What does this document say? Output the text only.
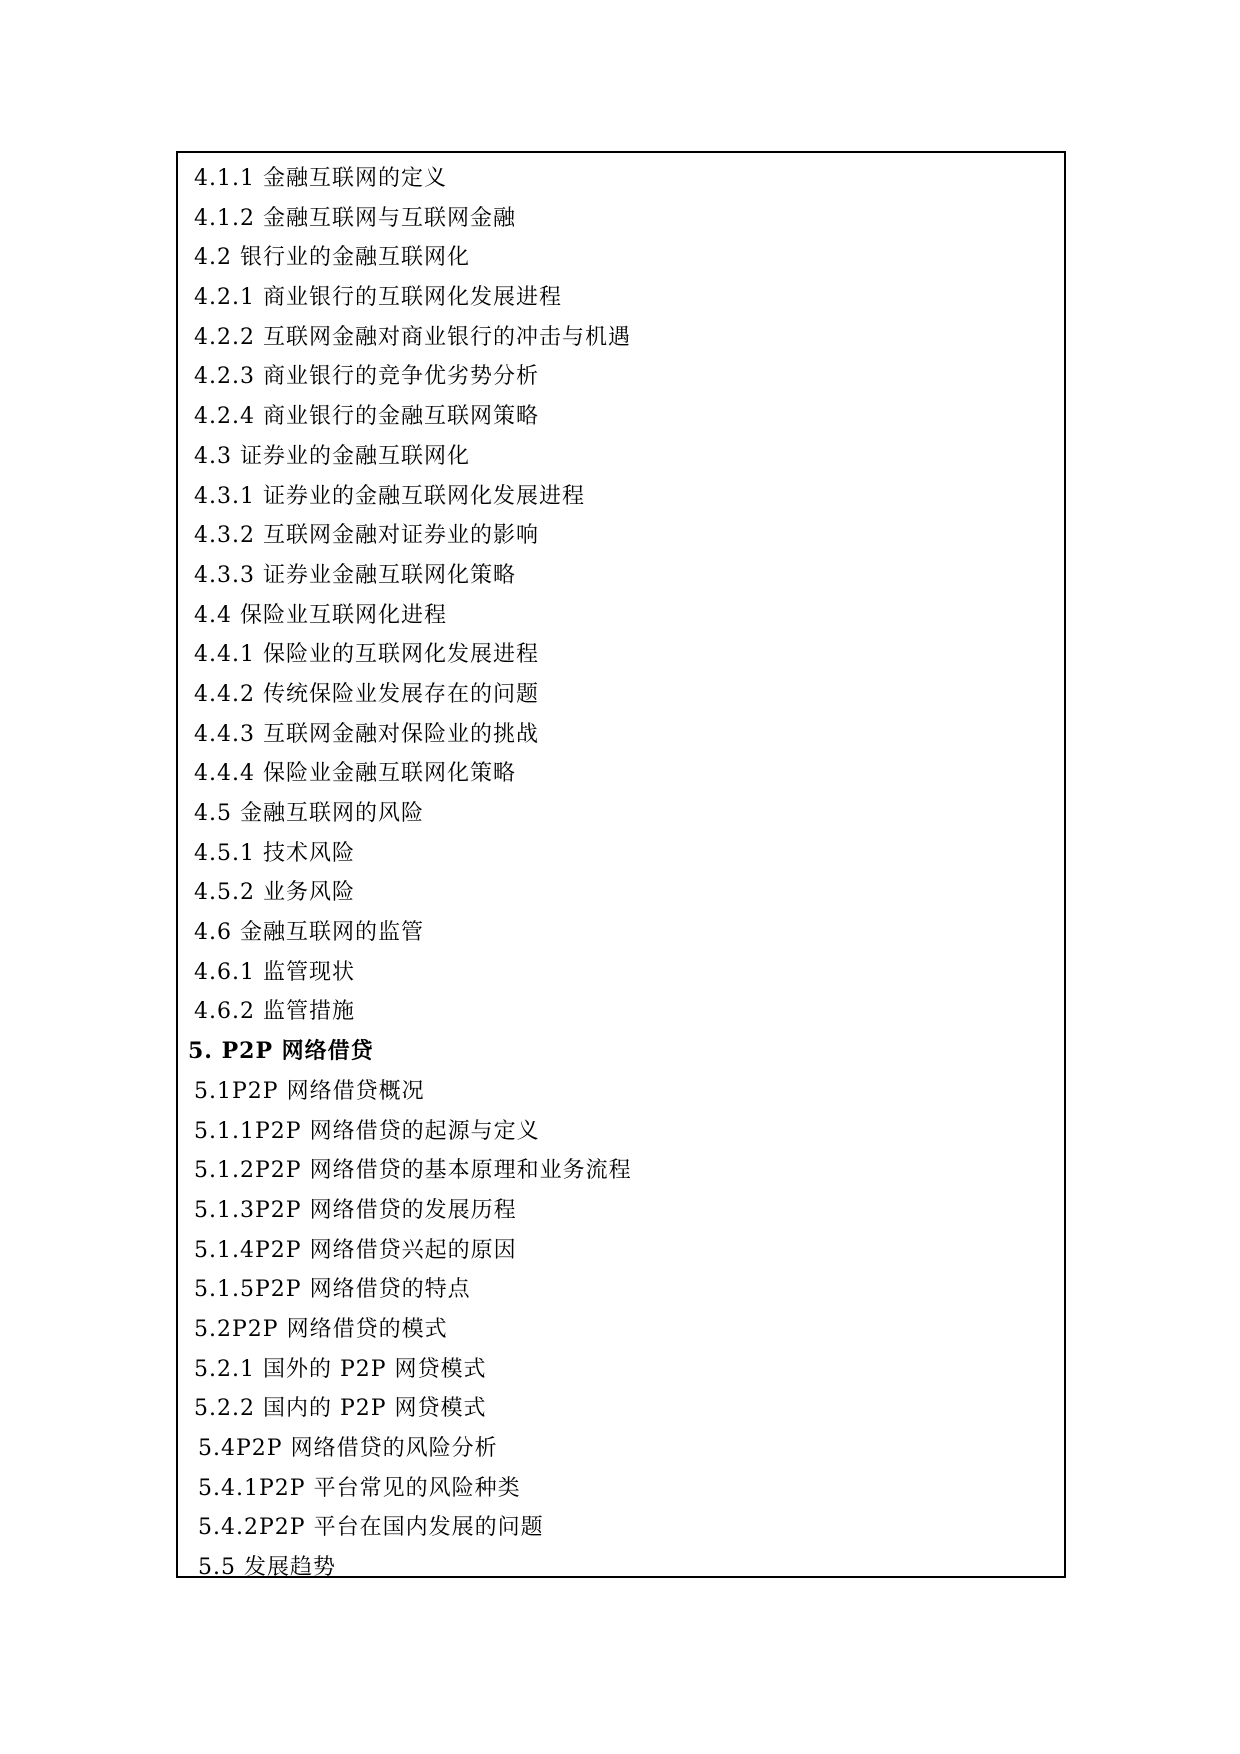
4.1.1 金融互联网的定义
4.1.2 金融互联网与互联网金融
4.2 银行业的金融互联网化
4.2.1 商业银行的互联网化发展进程
4.2.2 互联网金融对商业银行的冲击与机遇
4.2.3 商业银行的竞争优劣势分析
4.2.4 商业银行的金融互联网策略
4.3 证券业的金融互联网化
4.3.1 证券业的金融互联网化发展进程
4.3.2 互联网金融对证券业的影响
4.3.3 证券业金融互联网化策略
4.4 保险业互联网化进程
4.4.1 保险业的互联网化发展进程
4.4.2 传统保险业发展存在的问题
4.4.3 互联网金融对保险业的挑战
4.4.4 保险业金融互联网化策略
4.5 金融互联网的风险
4.5.1 技术风险
4.5.2 业务风险
4.6 金融互联网的监管
4.6.1 监管现状
4.6.2 监管措施
5. P2P 网络借贷
5.1P2P 网络借贷概况
5.1.1P2P 网络借贷的起源与定义
5.1.2P2P 网络借贷的基本原理和业务流程
5.1.3P2P 网络借贷的发展历程
5.1.4P2P 网络借贷兴起的原因
5.1.5P2P 网络借贷的特点
5.2P2P 网络借贷的模式
5.2.1 国外的 P2P 网贷模式
5.2.2 国内的 P2P 网贷模式
5.4P2P 网络借贷的风险分析
5.4.1P2P 平台常见的风险种类
5.4.2P2P 平台在国内发展的问题
5.5 发展趋势
